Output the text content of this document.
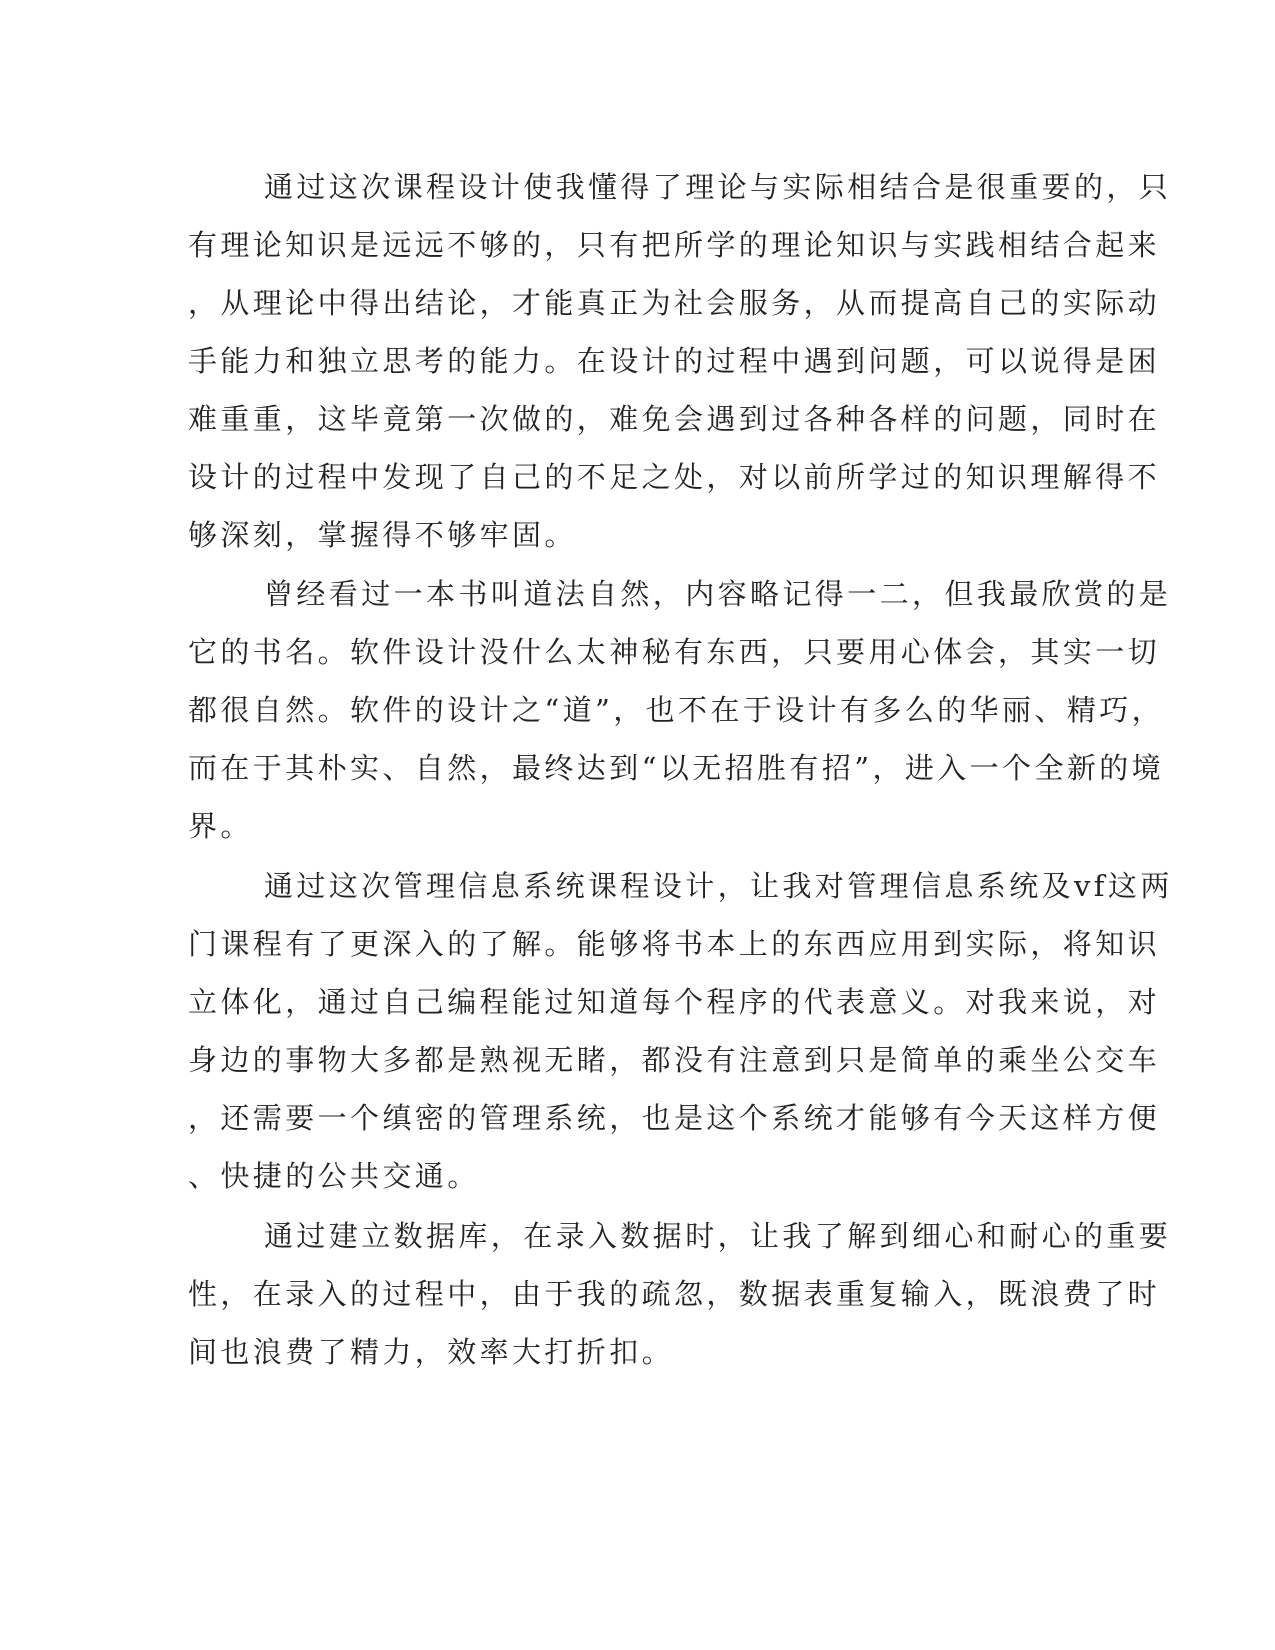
通过这次课程设计使我懂得了理论与实际相结合是很重要的，只
有理论知识是远远不够的，只有把所学的理论知识与实践相结合起来
，从理论中得出结论，才能真正为社会服务，从而提高自己的实际动
手能力和独立思考的能力。在设计的过程中遇到问题，可以说得是困
难重重，这毕竟第一次做的，难免会遇到过各种各样的问题，同时在
设计的过程中发现了自己的不足之处，对以前所学过的知识理解得不
够深刻，掌握得不够牢固。
曾经看过一本书叫道法自然，内容略记得一二，但我最欣赏的是
它的书名。软件设计没什么太神秘有东西，只要用心体会，其实一切
都很自然。软件的设计之“道”，也不在于设计有多么的华丽、精巧，
而在于其朴实、自然，最终达到“以无招胜有招”，进入一个全新的境
界。
通过这次管理信息系统课程设计，让我对管理信息系统及vf这两
门课程有了更深入的了解。能够将书本上的东西应用到实际，将知识
立体化，通过自己编程能过知道每个程序的代表意义。对我来说，对
身边的事物大多都是熟视无睹，都没有注意到只是简单的乘坐公交车
，还需要一个缜密的管理系统，也是这个系统才能够有今天这样方便
、快捷的公共交通。
通过建立数据库，在录入数据时，让我了解到细心和耐心的重要
性，在录入的过程中，由于我的疏忽，数据表重复输入，既浪费了时
间也浪费了精力，效率大打折扣。
